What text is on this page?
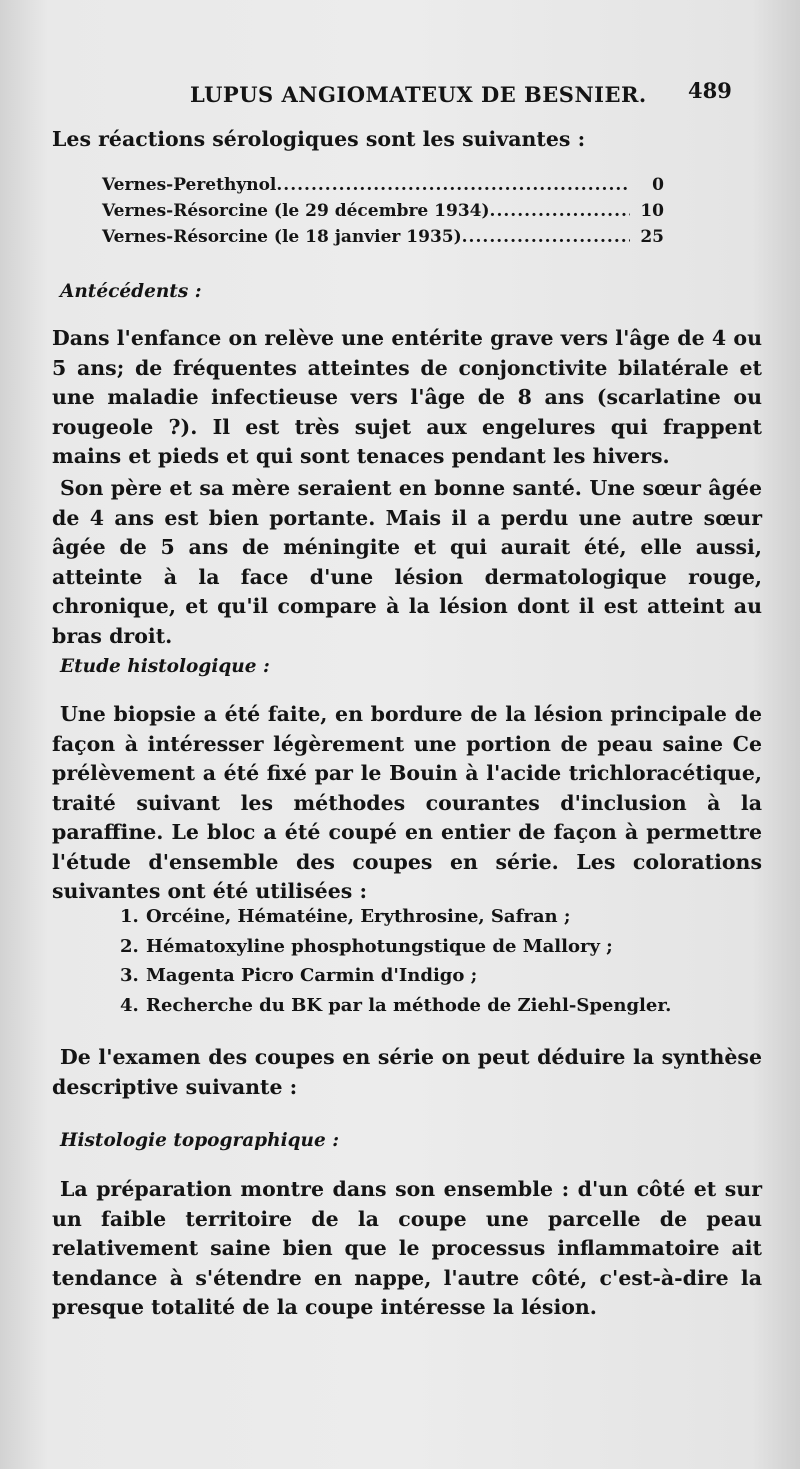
LUPUS ANGIOMATEUX DE BESNIER. 489
Les réactions sérologiques sont les suivantes :
Vernes-Perethynol .....	0
Vernes-Résorcine (le 29 décembre 1934) .....	10
Vernes-Résorcine (le 18 janvier 1935) .....	25
Antécédents :
Dans l'enfance on relève une entérite grave vers l'âge de 4 ou 5 ans; de fréquentes atteintes de conjonctivite bilatérale et une maladie infectieuse vers l'âge de 8 ans (scarlatine ou rougeole ?). Il est très sujet aux engelures qui frappent mains et pieds et qui sont tenaces pendant les hivers.
Son père et sa mère seraient en bonne santé. Une sœur âgée de 4 ans est bien portante. Mais il a perdu une autre sœur âgée de 5 ans de méningite et qui aurait été, elle aussi, atteinte à la face d'une lésion dermatologique rouge, chronique, et qu'il compare à la lésion dont il est atteint au bras droit.
Etude histologique :
Une biopsie a été faite, en bordure de la lésion principale de façon à intéresser légèrement une portion de peau saine Ce prélèvement a été fixé par le Bouin à l'acide trichloracétique, traité suivant les méthodes courantes d'inclusion à la paraffine. Le bloc a été coupé en entier de façon à permettre l'étude d'ensemble des coupes en série. Les colorations suivantes ont été utilisées :
1. Orcéine, Hématéine, Erythrosine, Safran ;
2. Hématoxyline phosphotungstique de Mallory ;
3. Magenta Picro Carmin d'Indigo ;
4. Recherche du BK par la méthode de Ziehl-Spengler.
De l'examen des coupes en série on peut déduire la synthèse descriptive suivante :
Histologie topographique :
La préparation montre dans son ensemble : d'un côté et sur un faible territoire de la coupe une parcelle de peau relativement saine bien que le processus inflammatoire ait tendance à s'étendre en nappe, l'autre côté, c'est-à-dire la presque totalité de la coupe intéresse la lésion.
